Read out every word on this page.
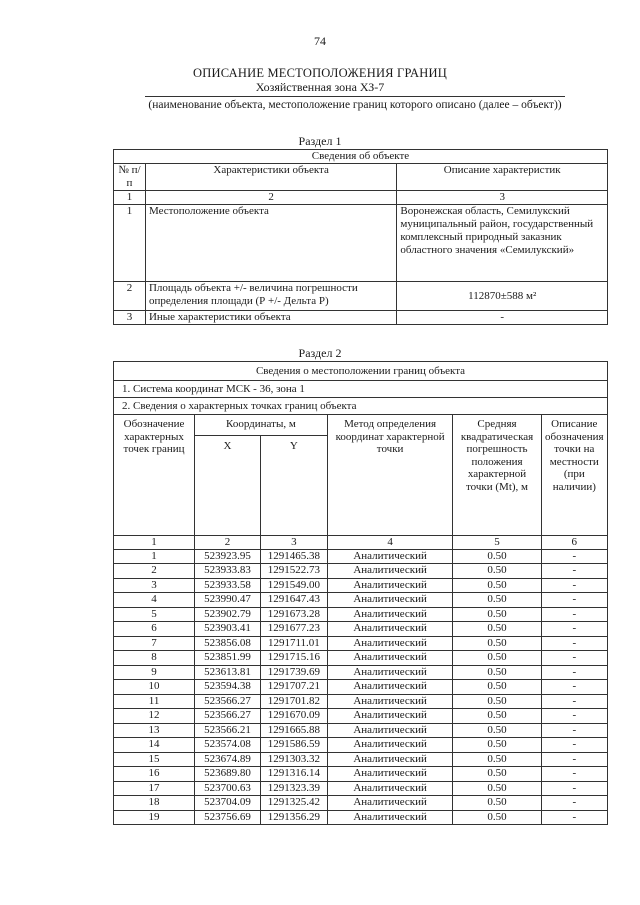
74
ОПИСАНИЕ МЕСТОПОЛОЖЕНИЯ ГРАНИЦ
Хозяйственная зона ХЗ-7
(наименование объекта, местоположение границ которого описано (далее – объект))
Раздел 1
Сведения об объекте		
№ п/п	Характеристики объекта	Описание характеристик
1	2	3
1	Местоположение объекта	Воронежская область, Семилукский муниципальный район, государственный комплексный природный заказник областного значения «Семилукский»
2	Площадь объекта +/- величина погрешности определения площади (Р +/- Дельта Р)	112870±588 м²
3	Иные характеристики объекта	-
Раздел 2
Сведения о местоположении границ объекта					
1. Система координат МСК - 36, зона 1					
2. Сведения о характерных точках границ объекта					
Обозначение характерных точек границ	Координаты, м		Метод определения координат характерной точки	Средняя квадратическая погрешность положения характерной точки (Mt), м	Описание обозначения точки на местности (при наличии)
	X	Y			
1	2	3	4	5	6
1	523923.95	1291465.38	Аналитический	0.50	-
2	523933.83	1291522.73	Аналитический	0.50	-
3	523933.58	1291549.00	Аналитический	0.50	-
4	523990.47	1291647.43	Аналитический	0.50	-
5	523902.79	1291673.28	Аналитический	0.50	-
6	523903.41	1291677.23	Аналитический	0.50	-
7	523856.08	1291711.01	Аналитический	0.50	-
8	523851.99	1291715.16	Аналитический	0.50	-
9	523613.81	1291739.69	Аналитический	0.50	-
10	523594.38	1291707.21	Аналитический	0.50	-
11	523566.27	1291701.82	Аналитический	0.50	-
12	523566.27	1291670.09	Аналитический	0.50	-
13	523566.21	1291665.88	Аналитический	0.50	-
14	523574.08	1291586.59	Аналитический	0.50	-
15	523674.89	1291303.32	Аналитический	0.50	-
16	523689.80	1291316.14	Аналитический	0.50	-
17	523700.63	1291323.39	Аналитический	0.50	-
18	523704.09	1291325.42	Аналитический	0.50	-
19	523756.69	1291356.29	Аналитический	0.50	-
